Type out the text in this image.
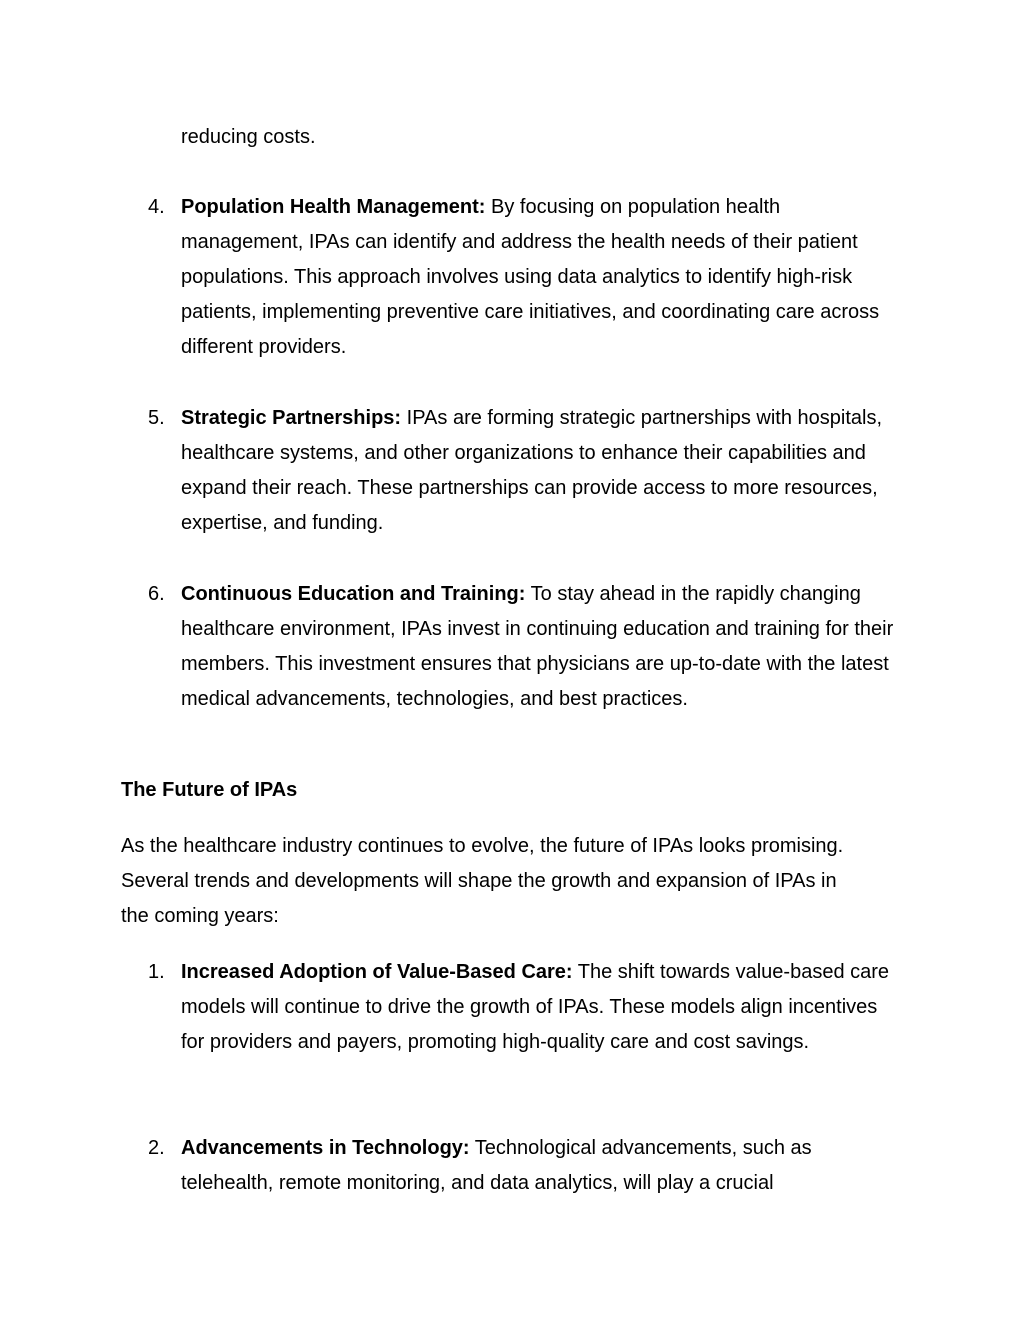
reducing costs.
4. Population Health Management: By focusing on population health management, IPAs can identify and address the health needs of their patient populations. This approach involves using data analytics to identify high-risk patients, implementing preventive care initiatives, and coordinating care across different providers.
5. Strategic Partnerships: IPAs are forming strategic partnerships with hospitals, healthcare systems, and other organizations to enhance their capabilities and expand their reach. These partnerships can provide access to more resources, expertise, and funding.
6. Continuous Education and Training: To stay ahead in the rapidly changing healthcare environment, IPAs invest in continuing education and training for their members. This investment ensures that physicians are up-to-date with the latest medical advancements, technologies, and best practices.
The Future of IPAs
As the healthcare industry continues to evolve, the future of IPAs looks promising. Several trends and developments will shape the growth and expansion of IPAs in the coming years:
1. Increased Adoption of Value-Based Care: The shift towards value-based care models will continue to drive the growth of IPAs. These models align incentives for providers and payers, promoting high-quality care and cost savings.
2. Advancements in Technology: Technological advancements, such as telehealth, remote monitoring, and data analytics, will play a crucial
